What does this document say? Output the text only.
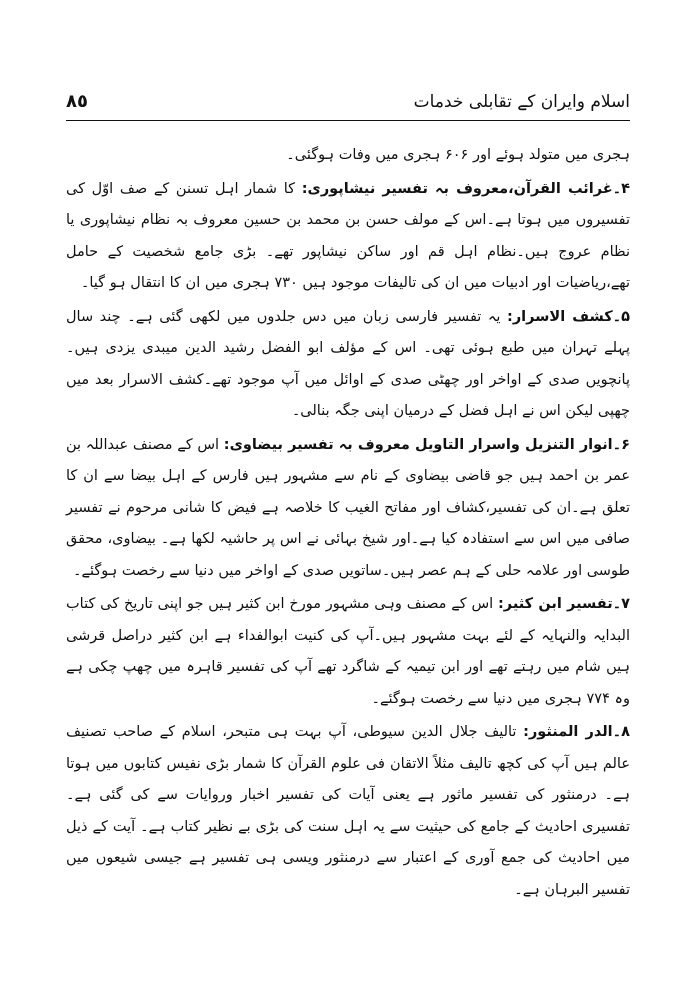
اسلام وایران کے تقابلی خدمات
٨٥

ہجری میں متولد ہوئے اور ۶۰۶ ہجری میں وفات ہوگئی۔

۴۔غرائب القرآن،معروف بہ تفسیر نیشاپوری: کا شمار اہل تسنن کے صف اوّل کی تفسیروں میں ہوتا ہے۔اس کے مولف حسن بن محمد بن حسین معروف بہ نظام نیشاپوری یا نظام عروج ہیں۔نظام اہل قم اور ساکن نیشاپور تھے۔ بڑی جامع شخصیت کے حامل تھے،ریاضیات اور ادبیات میں ان کی تالیفات موجود ہیں ۷۳۰ ہجری میں ان کا انتقال ہو گیا۔

۵۔کشف الاسرار: یہ تفسیر فارسی زبان میں دس جلدوں میں لکھی گئی ہے۔ چند سال پہلے تہران میں طبع ہوئی تھی۔ اس کے مؤلف ابو الفضل رشید الدین میبدی یزدی ہیں۔ پانچویں صدی کے اواخر اور چھٹی صدی کے اوائل میں آپ موجود تھے۔کشف الاسرار بعد میں چھپی لیکن اس نے اہل فضل کے درمیان اپنی جگہ بنالی۔

۶۔انوار التنزیل واسرار التاویل معروف بہ تفسیر بیضاوی: اس کے مصنف عبداللہ بن عمر بن احمد ہیں جو قاضی بیضاوی کے نام سے مشہور ہیں فارس کے اہل بیضا سے ان کا تعلق ہے۔ان کی تفسیر،کشاف اور مفاتح الغیب کا خلاصہ ہے فیض کا شانی مرحوم نے تفسیر صافی میں اس سے استفادہ کیا ہے۔اور شیخ بہائی نے اس پر حاشیہ لکھا ہے۔ بیضاوی، محقق طوسی اور علامہ حلی کے ہم عصر ہیں۔ساتویں صدی کے اواخر میں دنیا سے رخصت ہوگئے۔

۷۔تفسیر ابن کثیر: اس کے مصنف وہی مشہور مورخ ابن کثیر ہیں جو اپنی تاریخ کی کتاب البدایہ والنہایہ کے لئے بہت مشہور ہیں۔آپ کی کنیت ابوالفداء ہے ابن کثیر دراصل قرشی ہیں شام میں رہتے تھے اور ابن تیمیہ کے شاگرد تھے آپ کی تفسیر قاہرہ میں چھپ چکی ہے وہ ۷۷۴ ہجری میں دنیا سے رخصت ہوگئے۔

۸۔الدر المنثور: تالیف جلال الدین سیوطی، آپ بہت ہی متبحر، اسلام کے صاحب تصنیف عالم ہیں آپ کی کچھ تالیف مثلاً الاتقان فی علوم القرآن کا شمار بڑی نفیس کتابوں میں ہوتا ہے۔ درمنثور کی تفسیر ماثور ہے یعنی آیات کی تفسیر اخبار وروایات سے کی گئی ہے۔تفسیری احادیث کے جامع کی حیثیت سے یہ اہل سنت کی بڑی بے نظیر کتاب ہے۔ آیت کے ذیل میں احادیث کی جمع آوری کے اعتبار سے درمنثور ویسی ہی تفسیر ہے جیسی شیعوں میں تفسیر البرہان ہے۔
